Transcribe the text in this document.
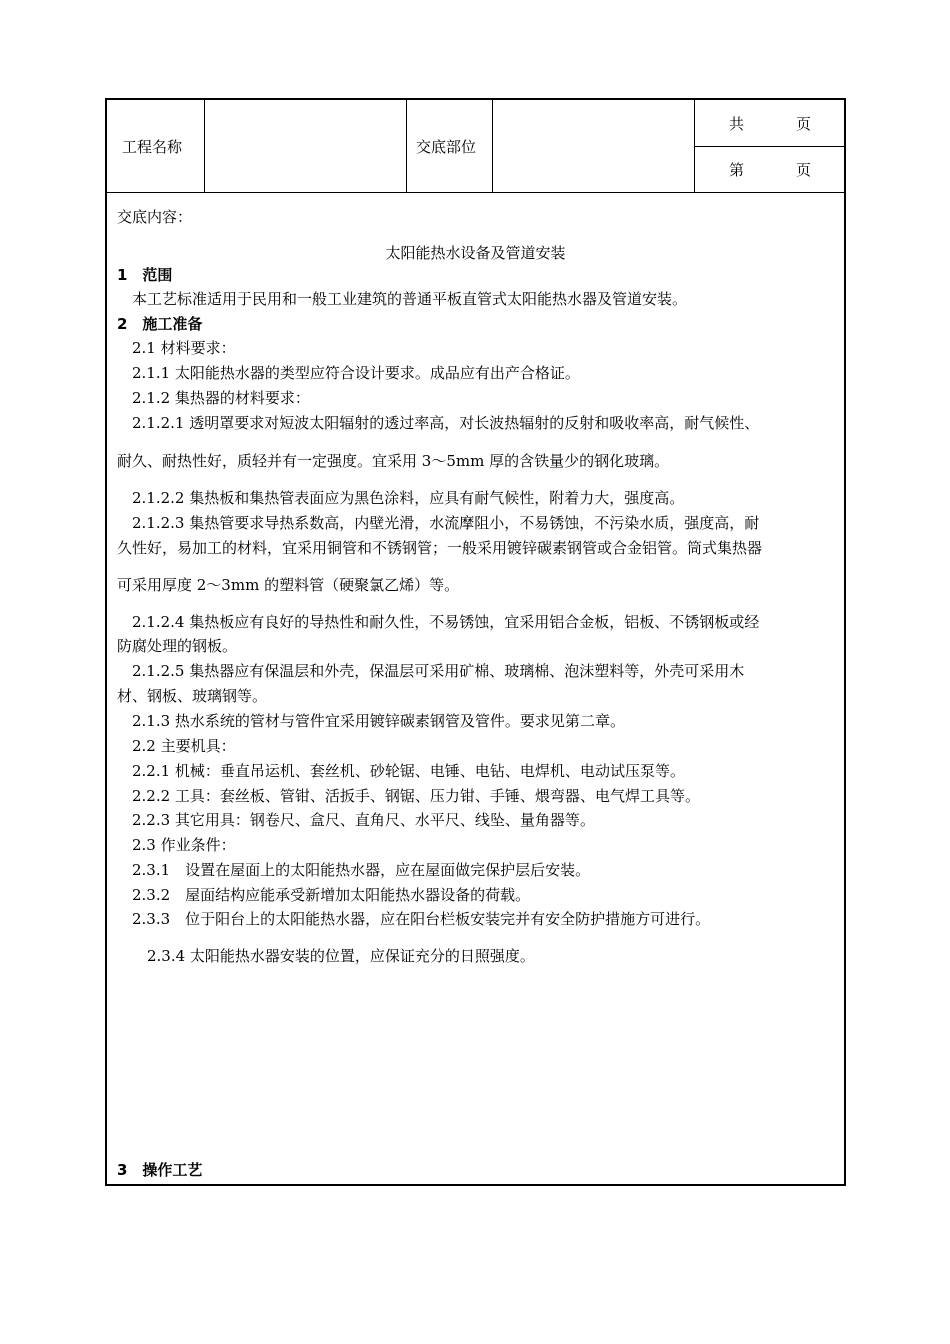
工程名称	交底部位
共	页
第	页
交底内容：
太阳能热水设备及管道安装
1　范围
　本工艺标准适用于民用和一般工业建筑的普通平板直管式太阳能热水器及管道安装。
2　施工准备
　2.1 材料要求：
　2.1.1 太阳能热水器的类型应符合设计要求。成品应有出产合格证。
　2.1.2 集热器的材料要求：
　2.1.2.1 透明罩要求对短波太阳辐射的透过率高，对长波热辐射的反射和吸收率高，耐气候性、
耐久、耐热性好，质轻并有一定强度。宜采用 3～5mm 厚的含铁量少的钢化玻璃。
　2.1.2.2 集热板和集热管表面应为黑色涂料，应具有耐气候性，附着力大，强度高。
　2.1.2.3 集热管要求导热系数高，内壁光滑，水流摩阻小，不易锈蚀，不污染水质，强度高，耐
久性好，易加工的材料，宜采用铜管和不锈钢管；一般采用镀锌碳素钢管或合金铝管。筒式集热器
可采用厚度 2～3mm 的塑料管（硬聚氯乙烯）等。
　2.1.2.4 集热板应有良好的导热性和耐久性，不易锈蚀，宜采用铝合金板，铝板、不锈钢板或经
防腐处理的钢板。
　2.1.2.5 集热器应有保温层和外壳，保温层可采用矿棉、玻璃棉、泡沫塑料等，外壳可采用木
材、钢板、玻璃钢等。
　2.1.3 热水系统的管材与管件宜采用镀锌碳素钢管及管件。要求见第二章。
　2.2 主要机具：
　2.2.1 机械：垂直吊运机、套丝机、砂轮锯、电锤、电钻、电焊机、电动试压泵等。
　2.2.2 工具：套丝板、管钳、活扳手、钢锯、压力钳、手锤、煨弯器、电气焊工具等。
　2.2.3 其它用具：钢卷尺、盒尺、直角尺、水平尺、线坠、量角器等。
　2.3 作业条件：
　2.3.1　设置在屋面上的太阳能热水器，应在屋面做完保护层后安装。
　2.3.2　屋面结构应能承受新增加太阳能热水器设备的荷载。
　2.3.3　位于阳台上的太阳能热水器，应在阳台栏板安装完并有安全防护措施方可进行。
　　2.3.4 太阳能热水器安装的位置，应保证充分的日照强度。
3　操作工艺
